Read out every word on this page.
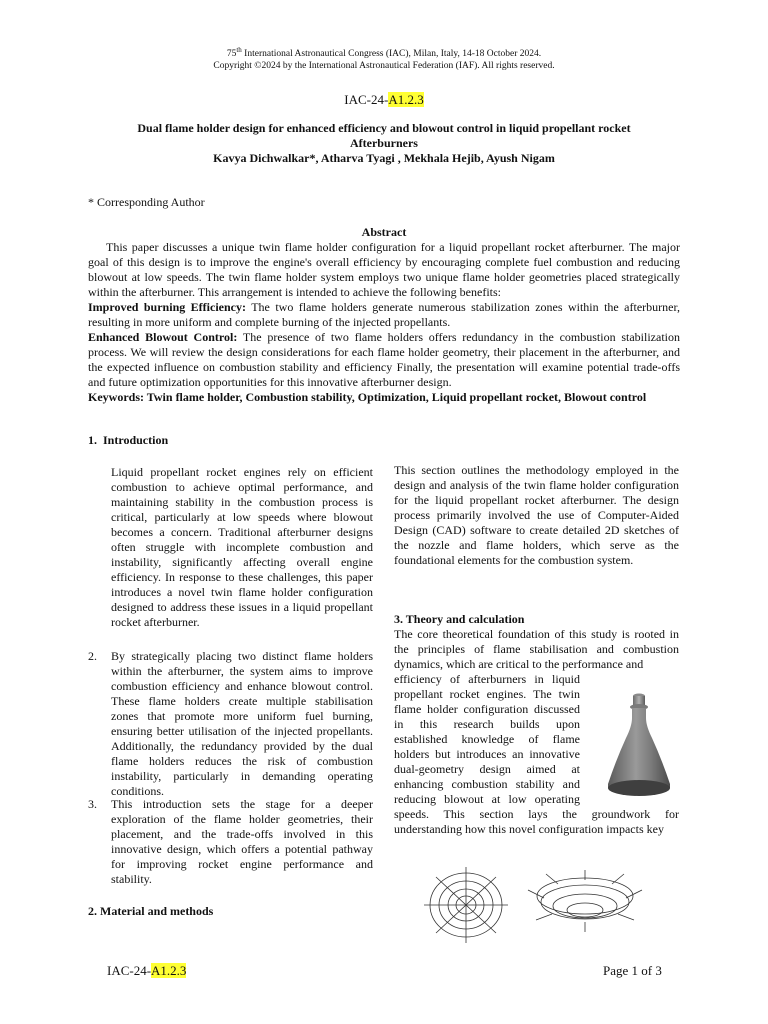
75th International Astronautical Congress (IAC), Milan, Italy, 14-18 October 2024.
Copyright ©2024 by the International Astronautical Federation (IAF). All rights reserved.
IAC-24-A1.2.3
Dual flame holder design for enhanced efficiency and blowout control in liquid propellant rocket Afterburners
Kavya Dichwalkar*, Atharva Tyagi , Mekhala Hejib, Ayush Nigam
* Corresponding Author
Abstract

This paper discusses a unique twin flame holder configuration for a liquid propellant rocket afterburner. The major goal of this design is to improve the engine's overall efficiency by encouraging complete fuel combustion and reducing blowout at low speeds. The twin flame holder system employs two unique flame holder geometries placed strategically within the afterburner. This arrangement is intended to achieve the following benefits:

Improved burning Efficiency: The two flame holders generate numerous stabilization zones within the afterburner, resulting in more uniform and complete burning of the injected propellants.

Enhanced Blowout Control: The presence of two flame holders offers redundancy in the combustion stabilization process. We will review the design considerations for each flame holder geometry, their placement in the afterburner, and the expected influence on combustion stability and efficiency Finally, the presentation will examine potential trade-offs and future optimization opportunities for this innovative afterburner design.

Keywords: Twin flame holder, Combustion stability, Optimization, Liquid propellant rocket, Blowout control

1. Introduction
Liquid propellant rocket engines rely on efficient combustion to achieve optimal performance, and maintaining stability in the combustion process is critical, particularly at low speeds where blowout becomes a concern. Traditional afterburner designs often struggle with incomplete combustion and instability, significantly affecting overall engine efficiency. In response to these challenges, this paper introduces a novel twin flame holder configuration designed to address these issues in a liquid propellant rocket afterburner.
2. By strategically placing two distinct flame holders within the afterburner, the system aims to improve combustion efficiency and enhance blowout control. These flame holders create multiple stabilisation zones that promote more uniform fuel burning, ensuring better utilisation of the injected propellants. Additionally, the redundancy provided by the dual flame holders reduces the risk of combustion instability, particularly in demanding operating conditions.

3. This introduction sets the stage for a deeper exploration of the flame holder geometries, their placement, and the trade-offs involved in this innovative design, which offers a potential pathway for improving rocket engine performance and stability.

2. Material and methods
This section outlines the methodology employed in the design and analysis of the twin flame holder configuration for the liquid propellant rocket afterburner. The design process primarily involved the use of Computer-Aided Design (CAD) software to create detailed 2D sketches of the nozzle and flame holders, which serve as the foundational elements for the combustion system.
3. Theory and calculation
The core theoretical foundation of this study is rooted in the principles of flame stabilisation and combustion dynamics, which are critical to the performance and
efficiency of afterburners in liquid
propellant rocket engines. The twin
flame holder configuration discussed
in this research builds upon
established knowledge of flame
holders but introduces an innovative
dual-geometry design aimed at
enhancing combustion stability and
reducing blowout at low operating
speeds. This section lays the groundwork for understanding how this novel configuration impacts key
IAC-24-A1.2.3	Page 1 of 3
